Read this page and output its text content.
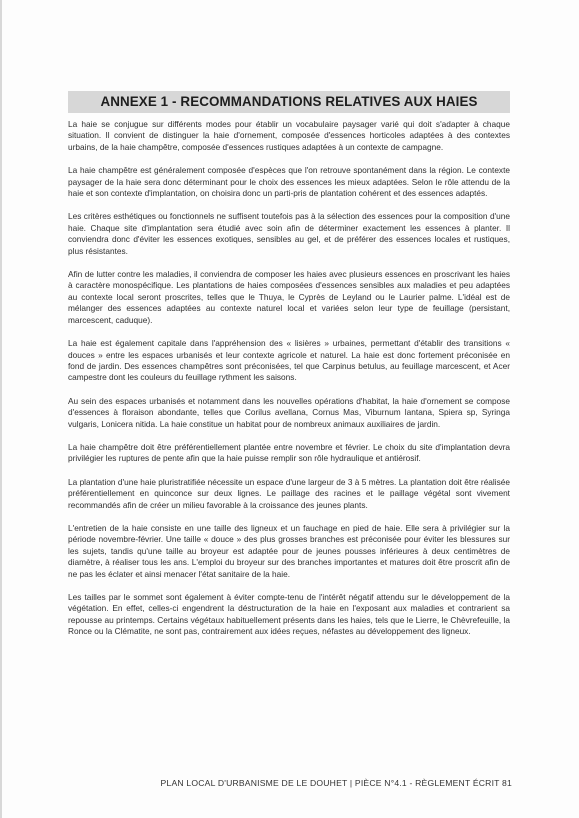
ANNEXE 1 - RECOMMANDATIONS RELATIVES AUX HAIES

La haie se conjugue sur différents modes pour établir un vocabulaire paysager varié qui doit s'adapter à chaque situation. Il convient de distinguer la haie d'ornement, composée d'essences horticoles adaptées à des contextes urbains, de la haie champêtre, composée d'essences rustiques adaptées à un contexte de campagne.

La haie champêtre est généralement composée d'espèces que l'on retrouve spontanément dans la région. Le contexte paysager de la haie sera donc déterminant pour le choix des essences les mieux adaptées. Selon le rôle attendu de la haie et son contexte d'implantation, on choisira donc un parti-pris de plantation cohérent et des essences adaptés.

Les critères esthétiques ou fonctionnels ne suffisent toutefois pas à la sélection des essences pour la composition d'une haie. Chaque site d'implantation sera étudié avec soin afin de déterminer exactement les essences à planter. Il conviendra donc d'éviter les essences exotiques, sensibles au gel, et de préférer des essences locales et rustiques, plus résistantes.

Afin de lutter contre les maladies, il conviendra de composer les haies avec plusieurs essences en proscrivant les haies à caractère monospécifique. Les plantations de haies composées d'essences sensibles aux maladies et peu adaptées au contexte local seront proscrites, telles que le Thuya, le Cyprès de Leyland ou le Laurier palme. L'idéal est de mélanger des essences adaptées au contexte naturel local et variées selon leur type de feuillage (persistant, marcescent, caduque).

La haie est également capitale dans l'appréhension des « lisières » urbaines, permettant d'établir des transitions « douces » entre les espaces urbanisés et leur contexte agricole et naturel. La haie est donc fortement préconisée en fond de jardin. Des essences champêtres sont préconisées, tel que Carpinus betulus, au feuillage marcescent, et Acer campestre dont les couleurs du feuillage rythment les saisons.

Au sein des espaces urbanisés et notamment dans les nouvelles opérations d'habitat, la haie d'ornement se compose d'essences à floraison abondante, telles que Corilus avellana, Cornus Mas, Viburnum lantana, Spiera sp, Syringa vulgaris, Lonicera nitida. La haie constitue un habitat pour de nombreux animaux auxiliaires de jardin.

La haie champêtre doit être préférentiellement plantée entre novembre et février. Le choix du site d'implantation devra privilégier les ruptures de pente afin que la haie puisse remplir son rôle hydraulique et antiérosif.

La plantation d'une haie pluristratifiée nécessite un espace d'une largeur de 3 à 5 mètres. La plantation doit être réalisée préférentiellement en quinconce sur deux lignes. Le paillage des racines et le paillage végétal sont vivement recommandés afin de créer un milieu favorable à la croissance des jeunes plants.

L'entretien de la haie consiste en une taille des ligneux et un fauchage en pied de haie. Elle sera à privilégier sur la période novembre-février. Une taille « douce » des plus grosses branches est préconisée pour éviter les blessures sur les sujets, tandis qu'une taille au broyeur est adaptée pour de jeunes pousses inférieures à deux centimètres de diamètre, à réaliser tous les ans. L'emploi du broyeur sur des branches importantes et matures doit être proscrit afin de ne pas les éclater et ainsi menacer l'état sanitaire de la haie.

Les tailles par le sommet sont également à éviter compte-tenu de l'intérêt négatif attendu sur le développement de la végétation. En effet, celles-ci engendrent la déstructuration de la haie en l'exposant aux maladies et contrarient sa repousse au printemps. Certains végétaux habituellement présents dans les haies, tels que le Lierre, le Chèvrefeuille, la Ronce ou la Clématite, ne sont pas, contrairement aux idées reçues, néfastes au développement des ligneux.

PLAN LOCAL D'URBANISME DE LE DOUHET | PIÈCE N°4.1 - RÈGLEMENT ÉCRIT 81
